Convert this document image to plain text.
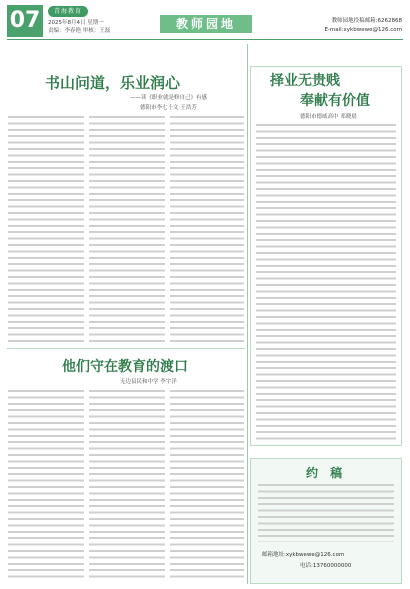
07	青海教育
2025年8月4日 星期一
责编：李春艳 审核：王磊	教师园地	教师园地投稿邮箱:6262868
E-mail:xykbwewe@126.com
书山问道，乐业润心
——读《职业就是修自己》有感
德阳市李七十文 王浩芳
他们守在教育的渡口
无边县民和中学 李宇洋
择业无贵贱
奉献有价值
德阳市德威高中 邓晓晨
约 稿
邮箱地址:xykbwewe@126.com
电话:13760000000
